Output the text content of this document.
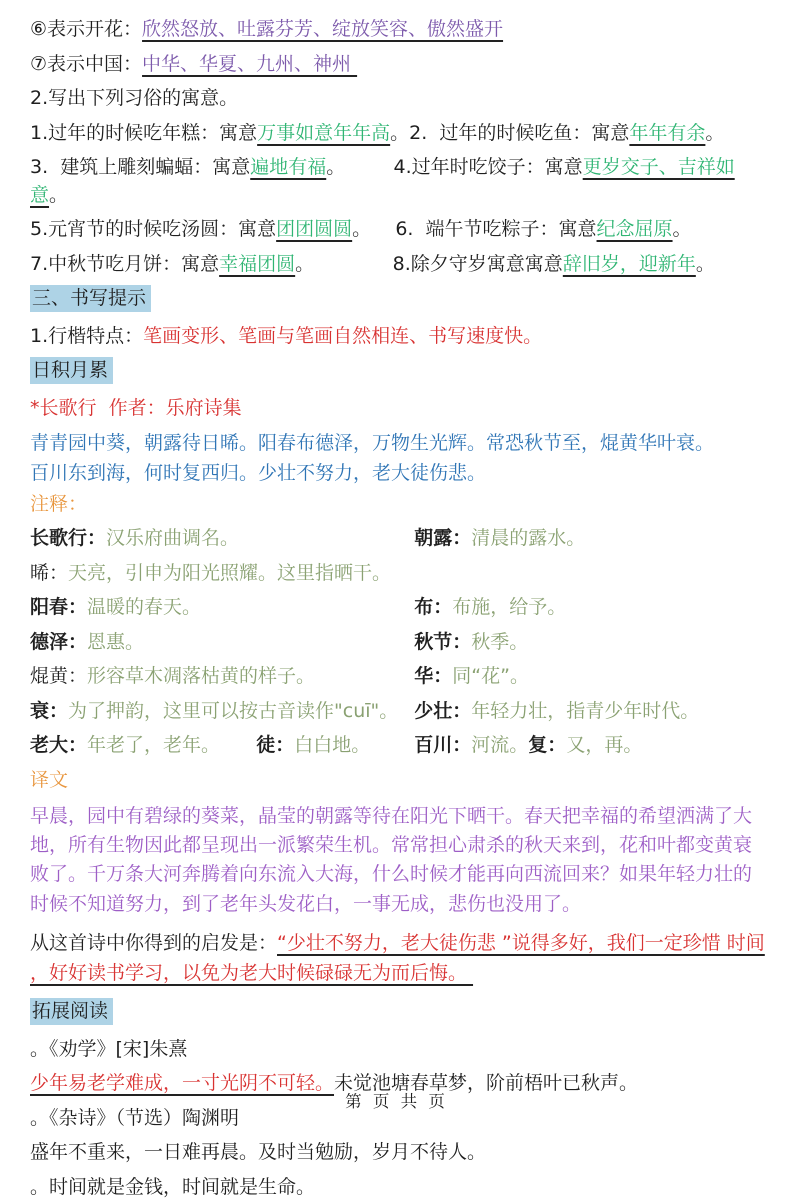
⑥表示开花：欣然怒放、吐露芬芳、绽放笑容、傲然盛开
⑦表示中国：中华、华夏、九州、神州
2.写出下列习俗的寓意。
1.过年的时候吃年糕：寓意万事如意年年高。2.  过年的时候吃鱼：寓意年年有余。
3.  建筑上雕刻蝙蝠：寓意遍地有福。        4.过年时吃饺子：寓意更岁交子、吉祥如意。
5.元宵节的时候吃汤圆：寓意团团圆圆。    6.  端午节吃粽子：寓意纪念屈原。
7.中秋节吃月饼：寓意幸福团圆。             8.除夕守岁寓意寓意辞旧岁，迎新年。
三、书写提示
1.行楷特点：笔画变形、笔画与笔画自然相连、书写速度快。
日积月累
*长歌行  作者：乐府诗集
青青园中葵，朝露待日晞。阳春布德泽，万物生光辉。常恐秋节至，焜黄华叶衰。
百川东到海，何时复西归。少壮不努力，老大徒伤悲。
注释：
长歌行：汉乐府曲调名。	朝露：清晨的露水。
晞：天亮，引申为阳光照耀。这里指晒干。
阳春：温暖的春天。	布：布施，给予。
德泽：恩惠。	秋节：秋季。
焜黄：形容草木凋落枯黄的样子。	华：同“花”。
衰：为了押韵，这里可以按古音读作"cuī"。 少壮：年轻力壮，指青少年时代。
老大：年老了，老年。 徒：白白地。	百川：河流。复：又，再。
译文
早晨，园中有碧绿的葵菜，晶莹的朝露等待在阳光下晒干。春天把幸福的希望洒满了大地，所有生物因此都呈现出一派繁荣生机。常常担心肃杀的秋天来到，花和叶都变黄衰败了。千万条大河奔腾着向东流入大海，什么时候才能再向西流回来？如果年轻力壮的时候不知道努力，到了老年头发花白，一事无成，悲伤也没用了。
从这首诗中你得到的启发是：“少壮不努力，老大徒伤悲 ”说得多好，我们一定珍惜 时间，好好读书学习，以免为老大时候碌碌无为而后悔。
拓展阅读
。《劝学》[宋]朱熹
少年易老学难成，一寸光阴不可轻。未觉池塘春草梦，阶前梧叶已秋声。
。《杂诗》（节选）陶渊明
盛年不重来，一日难再晨。及时当勉励，岁月不待人。
。时间就是金钱，时间就是生命。
第 页 共 页
